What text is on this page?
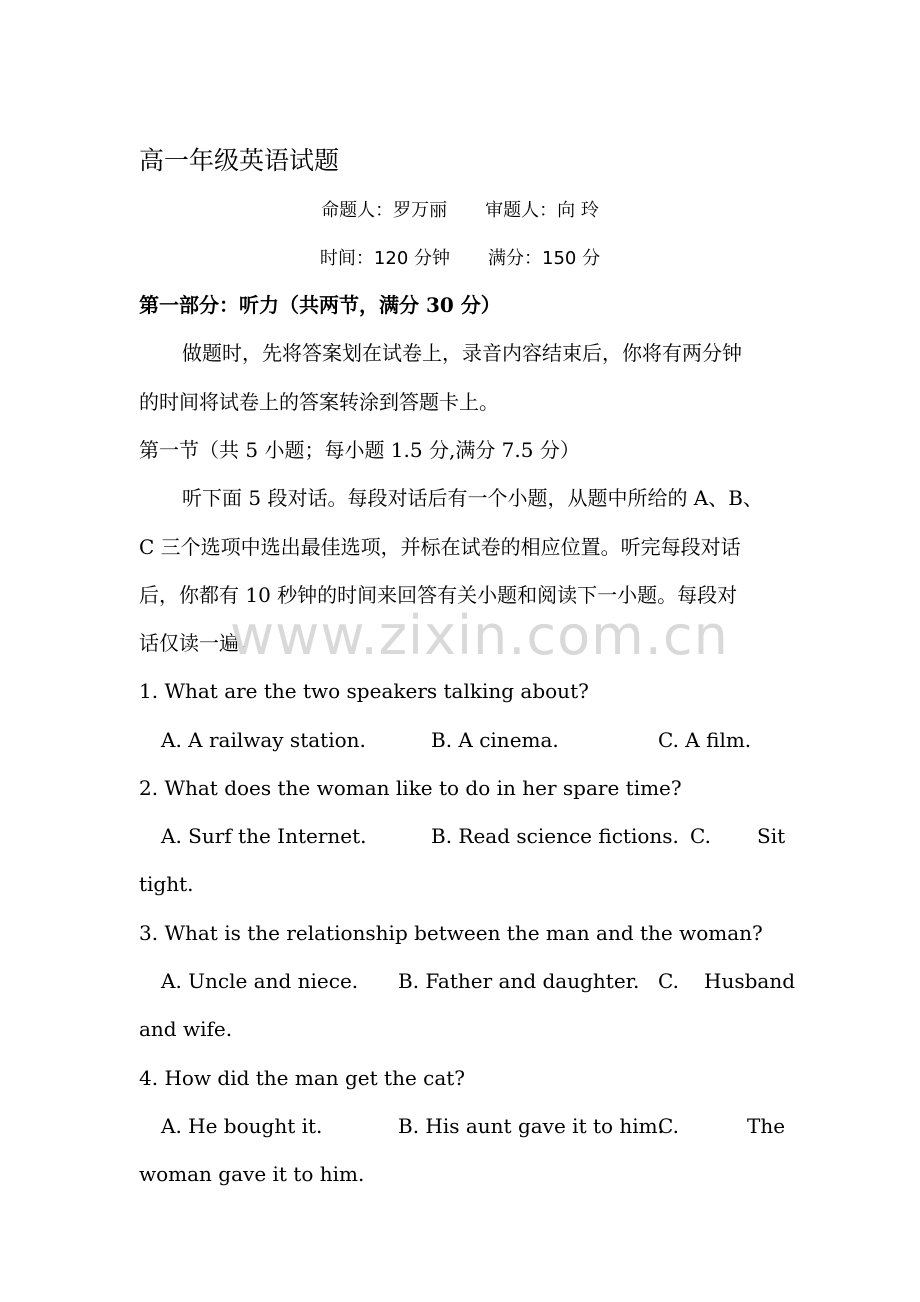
高一年级英语试题
命题人：罗万丽 审题人：向 玲
时间：120 分钟 满分：150 分
第一部分：听力（共两节，满分 30 分）
做题时，先将答案划在试卷上，录音内容结束后，你将有两分钟
的时间将试卷上的答案转涂到答题卡上。
第一节（共 5 小题；每小题 1.5 分,满分 7.5 分）
听下面 5 段对话。每段对话后有一个小题，从题中所给的 A、B、
C 三个选项中选出最佳选项，并标在试卷的相应位置。听完每段对话
后，你都有 10 秒钟的时间来回答有关小题和阅读下一小题。每段对
话仅读一遍。
www.zixin.com.cn
1. What are the two speakers talking about?
A. A railway station.	B. A cinema.	C. A film.
2. What does the woman like to do in her spare time?
A. Surf the Internet.	B. Read science fictions. C. Sit
tight.
3. What is the relationship between the man and the woman?
A. Uncle and niece. B. Father and daughter. C. Husband
and wife.
4. How did the man get the cat?
A. He bought it.	B. His aunt gave it to him.
C.	The
woman gave it to him.
